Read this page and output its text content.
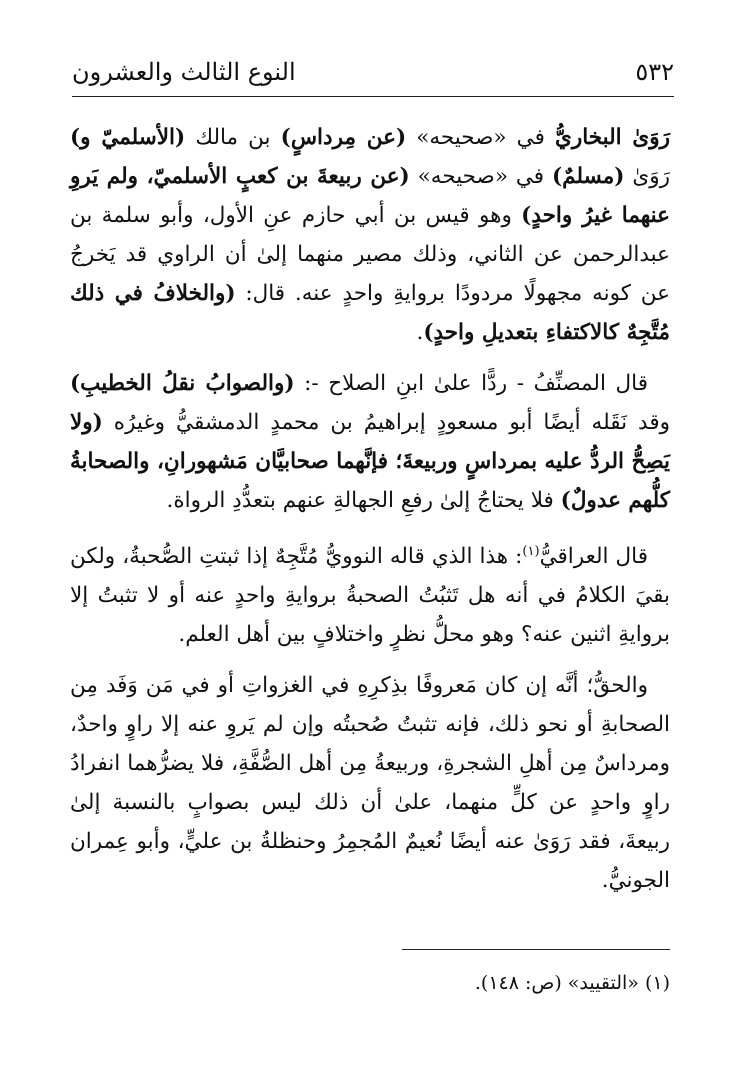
٥٣٢
النوع الثالث والعشرون

رَوَىٰ البخاريُّ في «صحيحه» (عن مِرداسٍ) بن مالك (الأسلميّ و) رَوَىٰ (مسلمٌ) في «صحيحه» (عن ربيعةَ بن كعبٍ الأسلميّ، ولم يَروِ عنهما غيرُ واحدٍ) وهو قيس بن أبي حازم عنِ الأول، وأبو سلمة بن عبدالرحمن عن الثاني، وذلك مصير منهما إلىٰ أن الراوي قد يَخرجُ عن كونه مجهولًا مردودًا بروايةِ واحدٍ عنه. قال: (والخلافُ في ذلك مُتَّجِهٌ كالاكتفاءِ بتعديلِ واحدٍ).

قال المصنِّفُ - ردًّا علىٰ ابنِ الصلاح -: (والصوابُ نقلُ الخطيبِ) وقد نَقَله أيضًا أبو مسعودٍ إبراهيمُ بن محمدٍ الدمشقيُّ وغيرُه (ولا يَصِحُّ الردُّ عليه بمرداسٍ وربيعةَ؛ فإنَّهما صحابيَّان مَشهورانِ، والصحابةُ كلُّهم عدولٌ) فلا يحتاجُ إلىٰ رفعِ الجهالةِ عنهم بتعدُّدِ الرواة.

قال العراقيُّ$^{(١)}$: هذا الذي قاله النوويُّ مُتَّجِهٌ إذا ثبتتِ الصُّحبةُ، ولكن بقيَ الكلامُ في أنه هل تَثبُتُ الصحبةُ بروايةِ واحدٍ عنه أو لا تثبتُ إلا بروايةِ اثنين عنه؟ وهو محلُّ نظرٍ واختلافٍ بين أهل العلم.

والحقُّ؛ أنَّه إن كان مَعروفًا بذِكرِهِ في الغزواتِ أو في مَن وَفَد مِن الصحابةِ أو نحو ذلك، فإنه تثبتُ صُحبتُه وإن لم يَروِ عنه إلا راوٍ واحدٌ، ومرداسٌ مِن أهلِ الشجرةِ، وربيعةُ مِن أهل الصُّفَّةِ، فلا يضرُّهما انفرادُ راوٍ واحدٍ عن كلٍّ منهما، علىٰ أن ذلك ليس بصوابٍ بالنسبة إلىٰ ربيعةَ، فقد رَوَىٰ عنه أيضًا نُعيمٌ المُجمِرُ وحنظلةُ بن عليٍّ، وأبو عِمران الجونيُّ.

(١) «التقييد» (ص: ١٤٨).
